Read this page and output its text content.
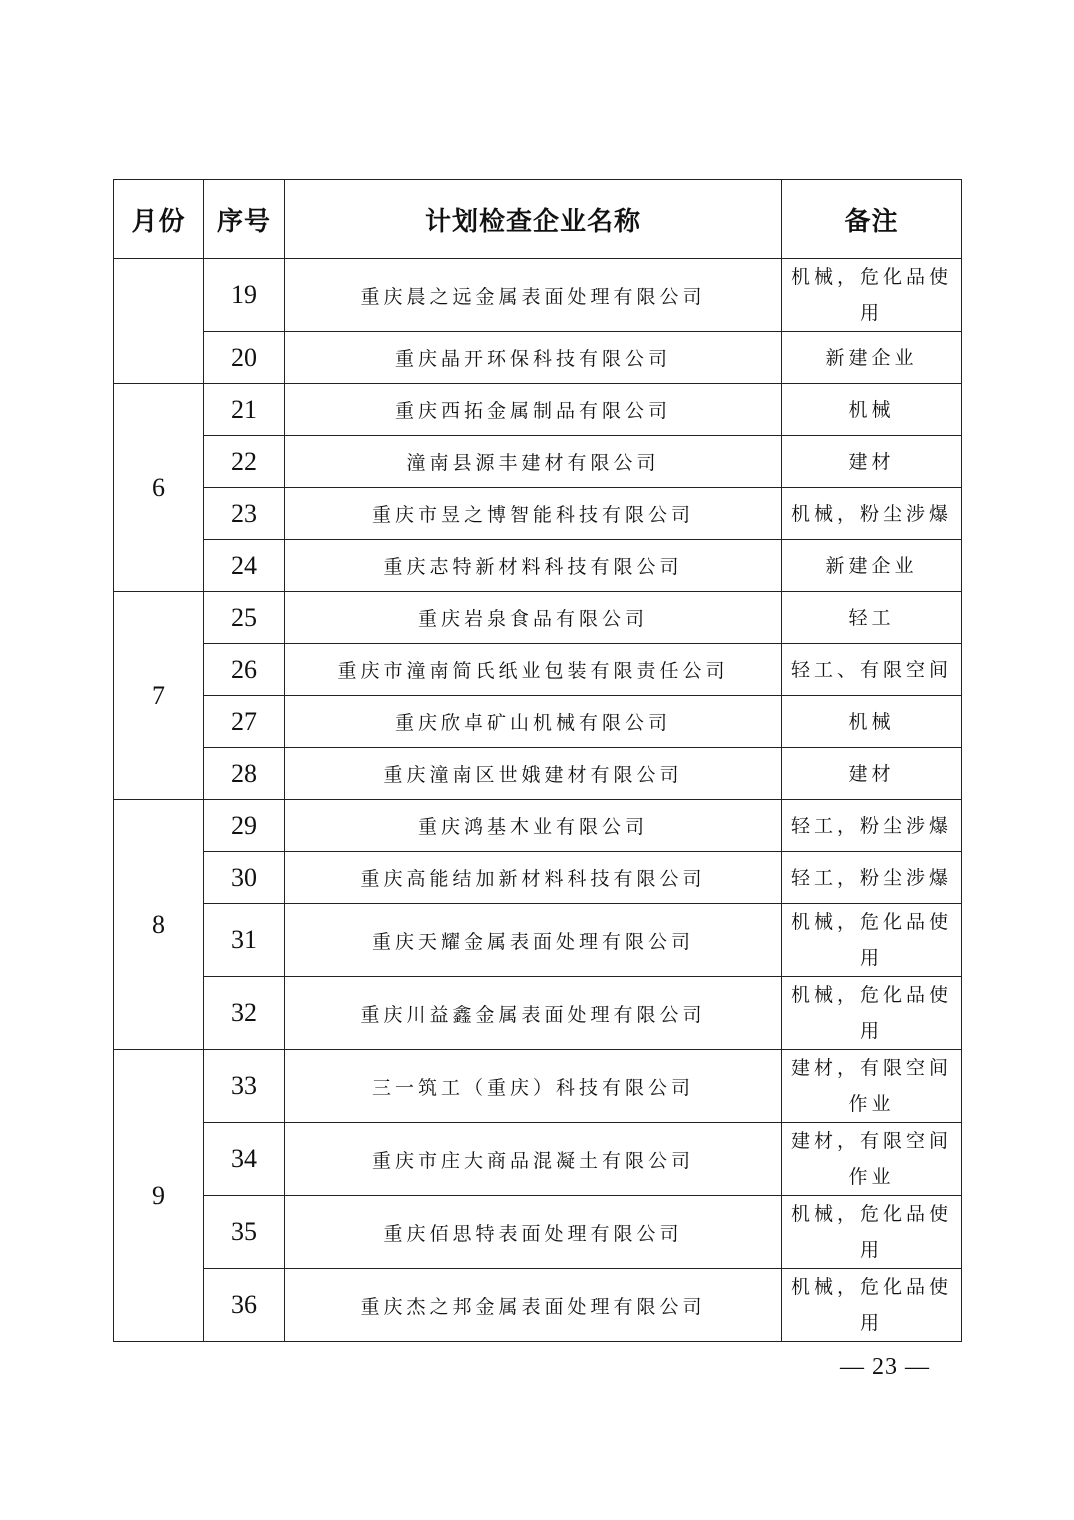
月份	序号	计划检查企业名称	备注
	19	重庆晨之远金属表面处理有限公司	机械，危化品使用
	20	重庆晶开环保科技有限公司	新建企业
6	21	重庆西拓金属制品有限公司	机械
	22	潼南县源丰建材有限公司	建材
	23	重庆市昱之博智能科技有限公司	机械，粉尘涉爆
	24	重庆志特新材料科技有限公司	新建企业
7	25	重庆岩泉食品有限公司	轻工
	26	重庆市潼南简氏纸业包装有限责任公司	轻工、有限空间
	27	重庆欣卓矿山机械有限公司	机械
	28	重庆潼南区世娥建材有限公司	建材
8	29	重庆鸿基木业有限公司	轻工，粉尘涉爆
	30	重庆高能结加新材料科技有限公司	轻工，粉尘涉爆
	31	重庆天耀金属表面处理有限公司	机械，危化品使用
	32	重庆川益鑫金属表面处理有限公司	机械，危化品使用
9	33	三一筑工（重庆）科技有限公司	建材，有限空间作业
	34	重庆市庄大商品混凝土有限公司	建材，有限空间作业
	35	重庆佰思特表面处理有限公司	机械，危化品使用
	36	重庆杰之邦金属表面处理有限公司	机械，危化品使用
— 23 —
